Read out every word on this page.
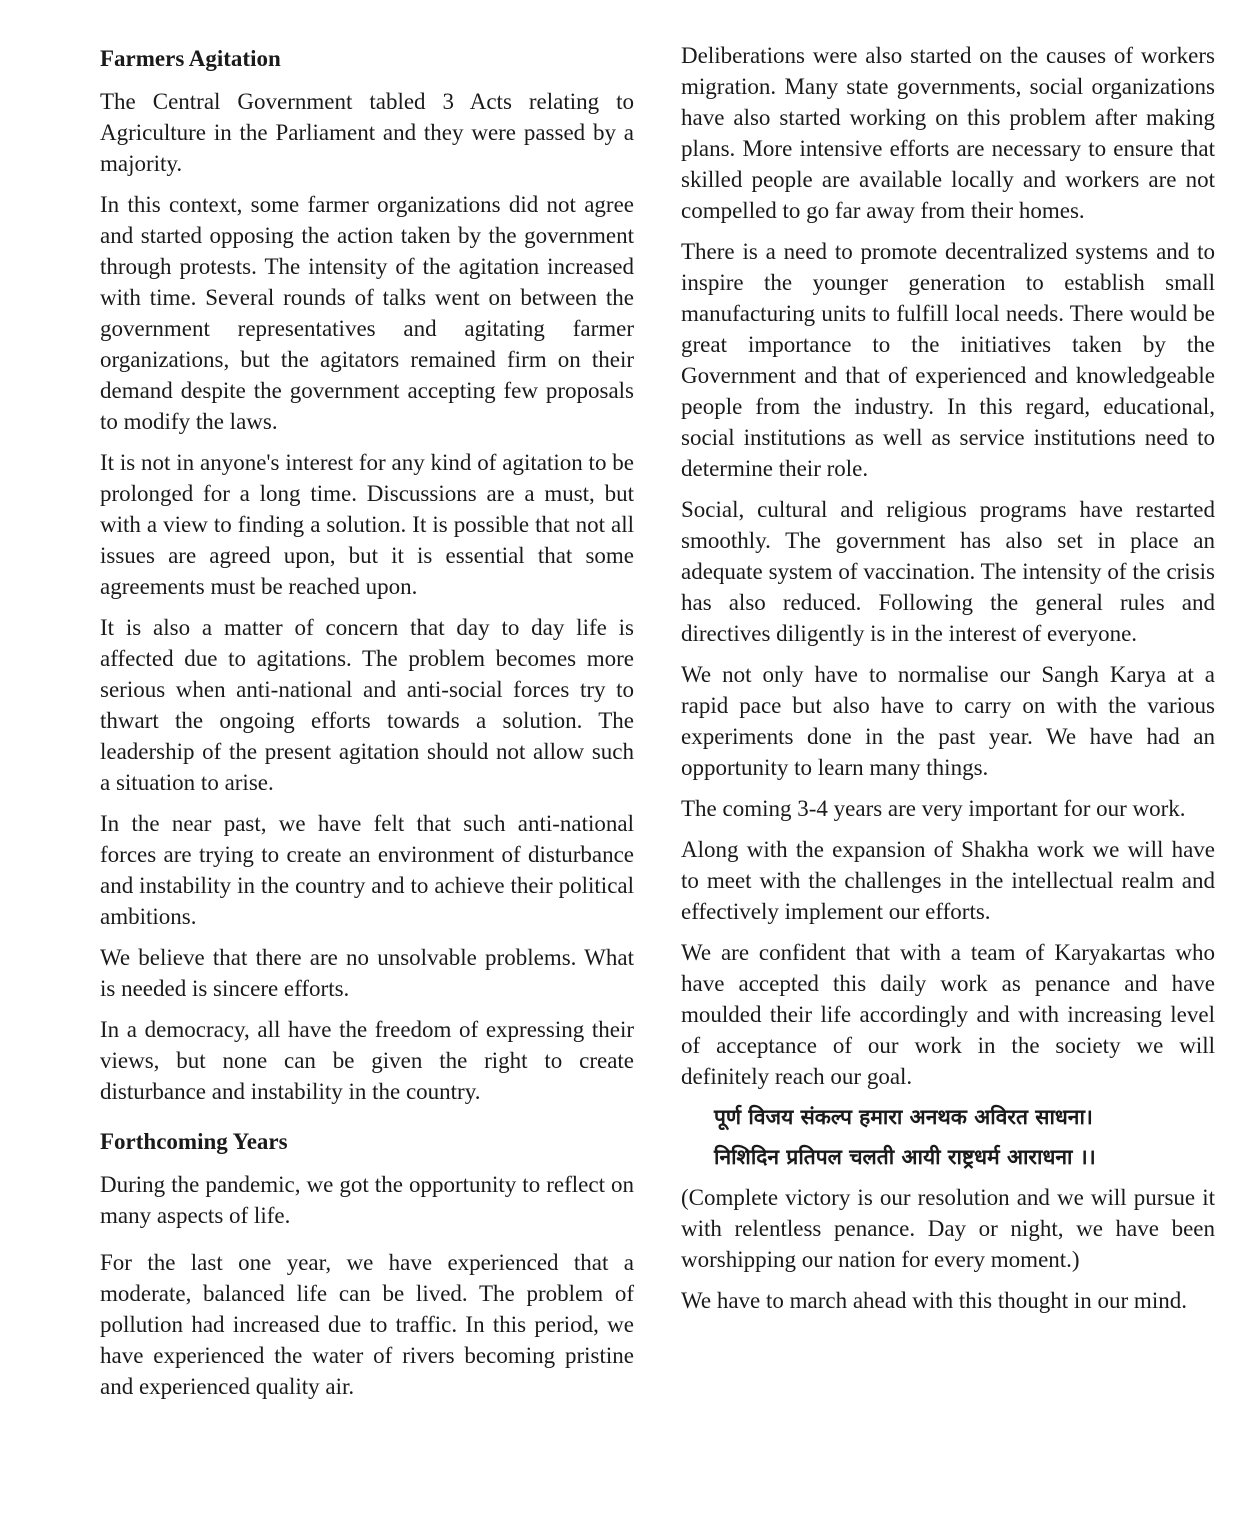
Farmers Agitation

The Central Government tabled 3 Acts relating to Agriculture in the Parliament and they were passed by a majority.

In this context, some farmer organizations did not agree and started opposing the action taken by the government through protests. The intensity of the agitation increased with time. Several rounds of talks went on between the government representatives and agitating farmer organizations, but the agitators remained firm on their demand despite the government accepting few proposals to modify the laws.

It is not in anyone's interest for any kind of agitation to be prolonged for a long time. Discussions are a must, but with a view to finding a solution. It is possible that not all issues are agreed upon, but it is essential that some agreements must be reached upon.

It is also a matter of concern that day to day life is affected due to agitations. The problem becomes more serious when anti-national and anti-social forces try to thwart the ongoing efforts towards a solution. The leadership of the present agitation should not allow such a situation to arise.

In the near past, we have felt that such anti-national forces are trying to create an environment of disturbance and instability in the country and to achieve their political ambitions.

We believe that there are no unsolvable problems. What is needed is sincere efforts.

In a democracy, all have the freedom of expressing their views, but none can be given the right to create disturbance and instability in the country.

Forthcoming Years

During the pandemic, we got the opportunity to reflect on many aspects of life.

For the last one year, we have experienced that a moderate, balanced life can be lived. The problem of pollution had increased due to traffic. In this period, we have experienced the water of rivers becoming pristine and experienced quality air.

Deliberations were also started on the causes of workers migration. Many state governments, social organizations have also started working on this problem after making plans. More intensive efforts are necessary to ensure that skilled people are available locally and workers are not compelled to go far away from their homes.

There is a need to promote decentralized systems and to inspire the younger generation to establish small manufacturing units to fulfill local needs. There would be great importance to the initiatives taken by the Government and that of experienced and knowledgeable people from the industry. In this regard, educational, social institutions as well as service institutions need to determine their role.

Social, cultural and religious programs have restarted smoothly. The government has also set in place an adequate system of vaccination. The intensity of the crisis has also reduced. Following the general rules and directives diligently is in the interest of everyone.

We not only have to normalise our Sangh Karya at a rapid pace but also have to carry on with the various experiments done in the past year. We have had an opportunity to learn many things.

The coming 3-4 years are very important for our work.

Along with the expansion of Shakha work we will have to meet with the challenges in the intellectual realm and effectively implement our efforts.

We are confident that with a team of Karyakartas who have accepted this daily work as penance and have moulded their life accordingly and with increasing level of acceptance of our work in the society we will definitely reach our goal.

पूर्ण विजय संकल्प हमारा अनथक अविरत साधना।
निशिदिन प्रतिपल चलती आयी राष्ट्रधर्म आराधना ।।

(Complete victory is our resolution and we will pursue it with relentless penance. Day or night, we have been worshipping our nation for every moment.)

We have to march ahead with this thought in our mind.
